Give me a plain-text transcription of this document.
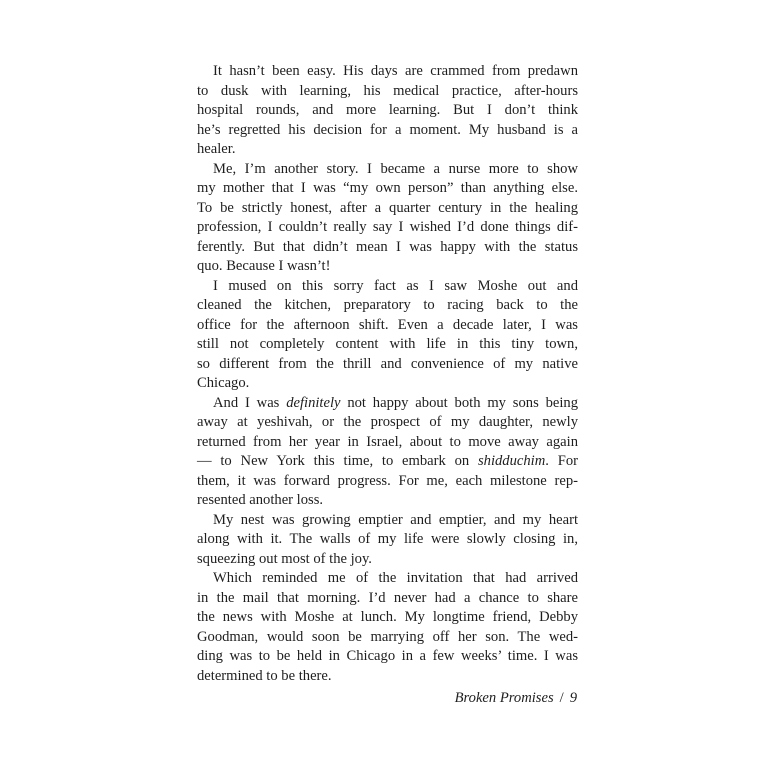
It hasn’t been easy. His days are crammed from predawn
to dusk with learning, his medical practice, after-hours
hospital rounds, and more learning. But I don’t think
he’s regretted his decision for a moment. My husband is a
healer.

Me, I’m another story. I became a nurse more to show
my mother that I was “my own person” than anything else.
To be strictly honest, after a quarter century in the healing
profession, I couldn’t really say I wished I’d done things dif-
ferently. But that didn’t mean I was happy with the status
quo. Because I wasn’t!

I mused on this sorry fact as I saw Moshe out and
cleaned the kitchen, preparatory to racing back to the
office for the afternoon shift. Even a decade later, I was
still not completely content with life in this tiny town,
so different from the thrill and convenience of my native
Chicago.

And I was definitely not happy about both my sons being
away at yeshivah, or the prospect of my daughter, newly
returned from her year in Israel, about to move away again
— to New York this time, to embark on shidduchim. For
them, it was forward progress. For me, each milestone rep-
resented another loss.

My nest was growing emptier and emptier, and my heart
along with it. The walls of my life were slowly closing in,
squeezing out most of the joy.

Which reminded me of the invitation that had arrived
in the mail that morning. I’d never had a chance to share
the news with Moshe at lunch. My longtime friend, Debby
Goodman, would soon be marrying off her son. The wed-
ding was to be held in Chicago in a few weeks’ time. I was
determined to be there.

Broken Promises / 9
